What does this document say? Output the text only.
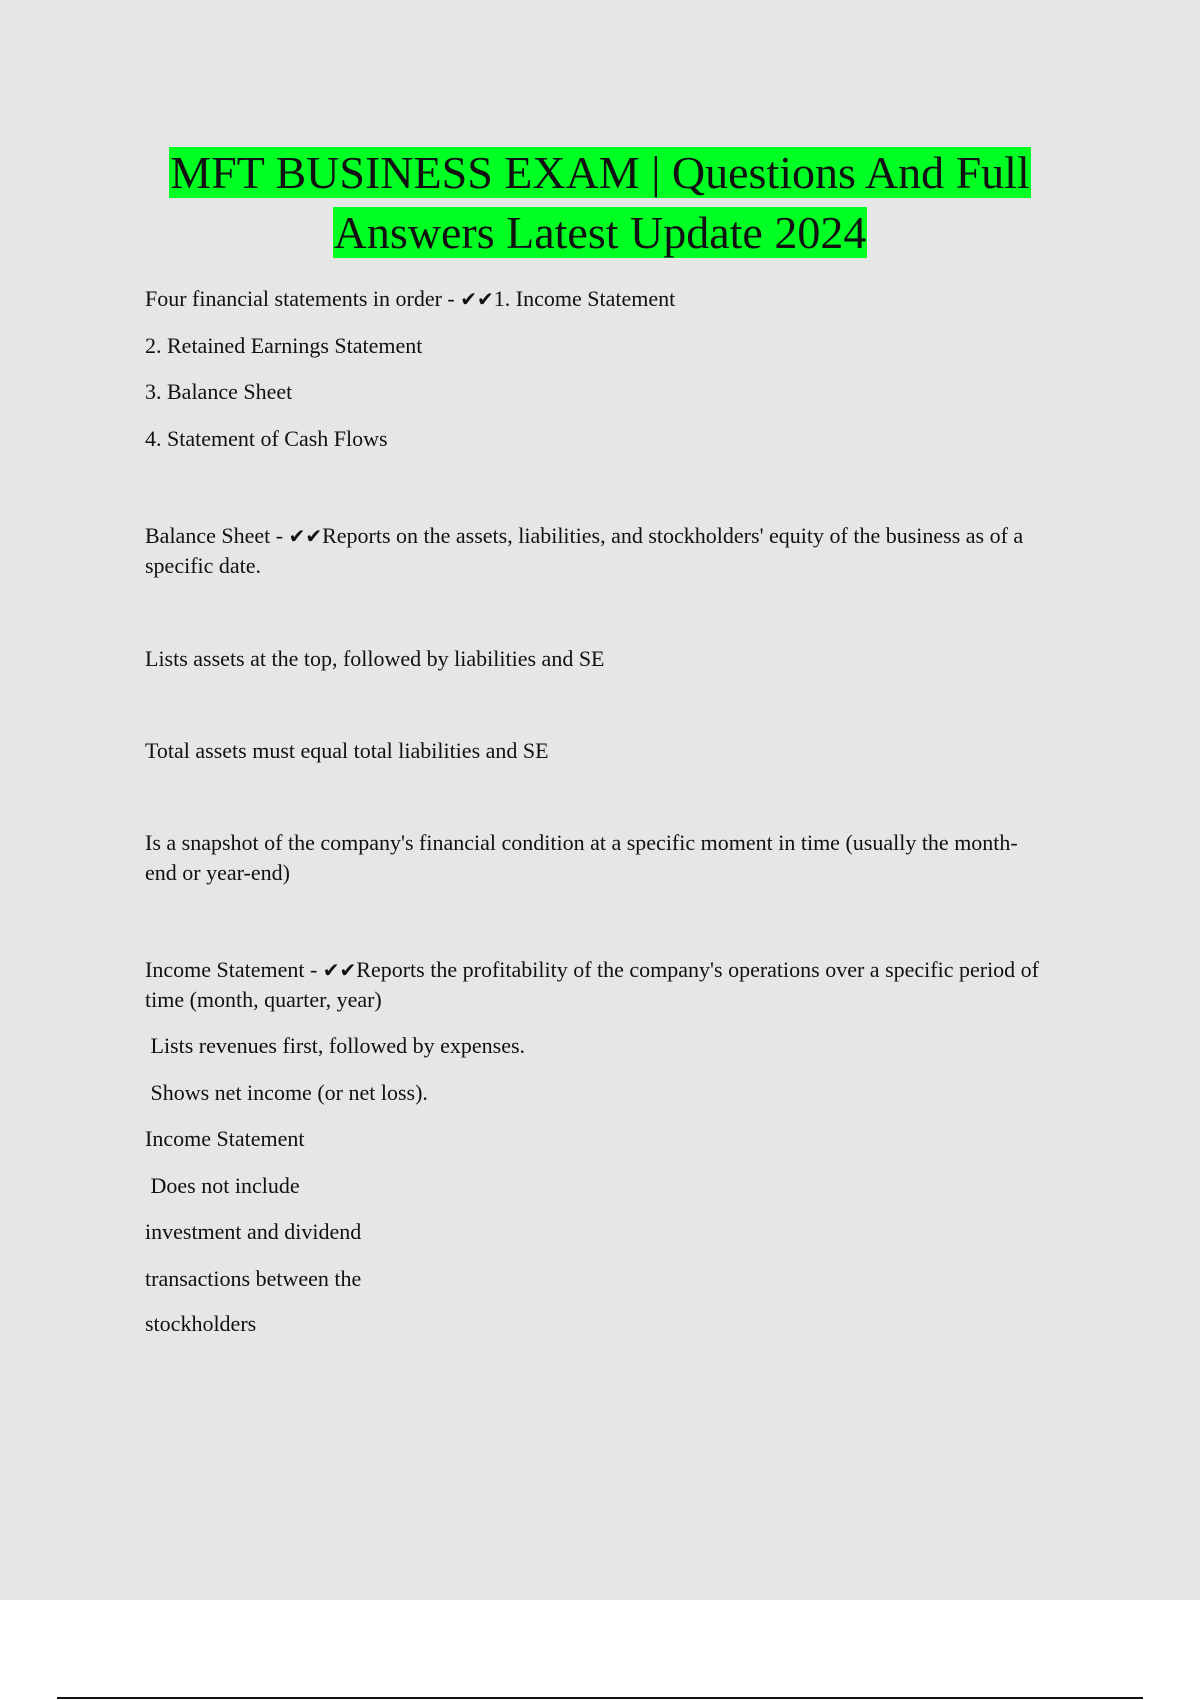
MFT BUSINESS EXAM | Questions And Full
Answers Latest Update 2024
Four financial statements in order - ✔✔1. Income Statement
2. Retained Earnings Statement
3. Balance Sheet
4. Statement of Cash Flows
Balance Sheet - ✔✔Reports on the assets, liabilities, and stockholders' equity of the business as of a specific date.
Lists assets at the top, followed by liabilities and SE
Total assets must equal total liabilities and SE
Is a snapshot of the company's financial condition at a specific moment in time (usually the month-end or year-end)
Income Statement - ✔✔Reports the profitability of the company's operations over a specific period of time (month, quarter, year)
Lists revenues first, followed by expenses.
Shows net income (or net loss).
Income Statement
Does not include
investment and dividend
transactions between the
stockholders
